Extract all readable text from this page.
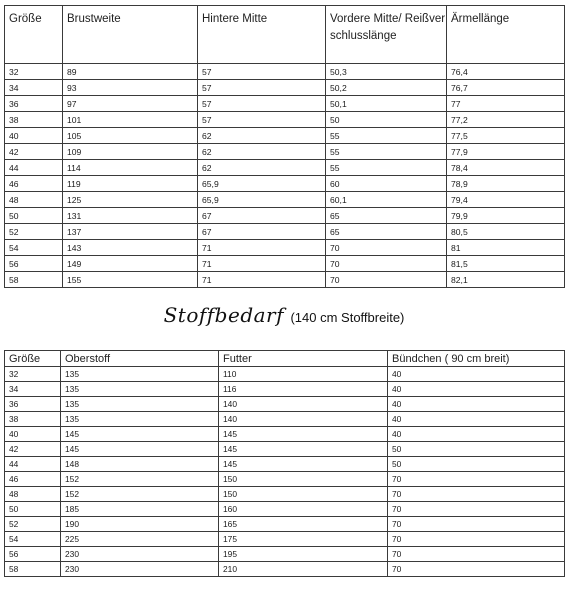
Größe	Brustweite	Hintere Mitte	Vordere Mitte/ Reißverschlusslänge	Ärmellänge

32	89	57	50,3	76,4
34	93	57	50,2	76,7
36	97	57	50,1	77
38	101	57	50	77,2
40	105	62	55	77,5
42	109	62	55	77,9
44	114	62	55	78,4
46	119	65,9	60	78,9
48	125	65,9	60,1	79,4
50	131	67	65	79,9
52	137	67	65	80,5
54	143	71	70	81
56	149	71	70	81,5
58	155	71	70	82,1
Stoffbedarf (140 cm Stoffbreite)
Größe	Oberstoff	Futter	Bündchen ( 90 cm breit)
32	135	110	40
34	135	116	40
36	135	140	40
38	135	140	40
40	145	145	40
42	145	145	50
44	148	145	50
46	152	150	70
48	152	150	70
50	185	160	70
52	190	165	70
54	225	175	70
56	230	195	70
58	230	210	70
